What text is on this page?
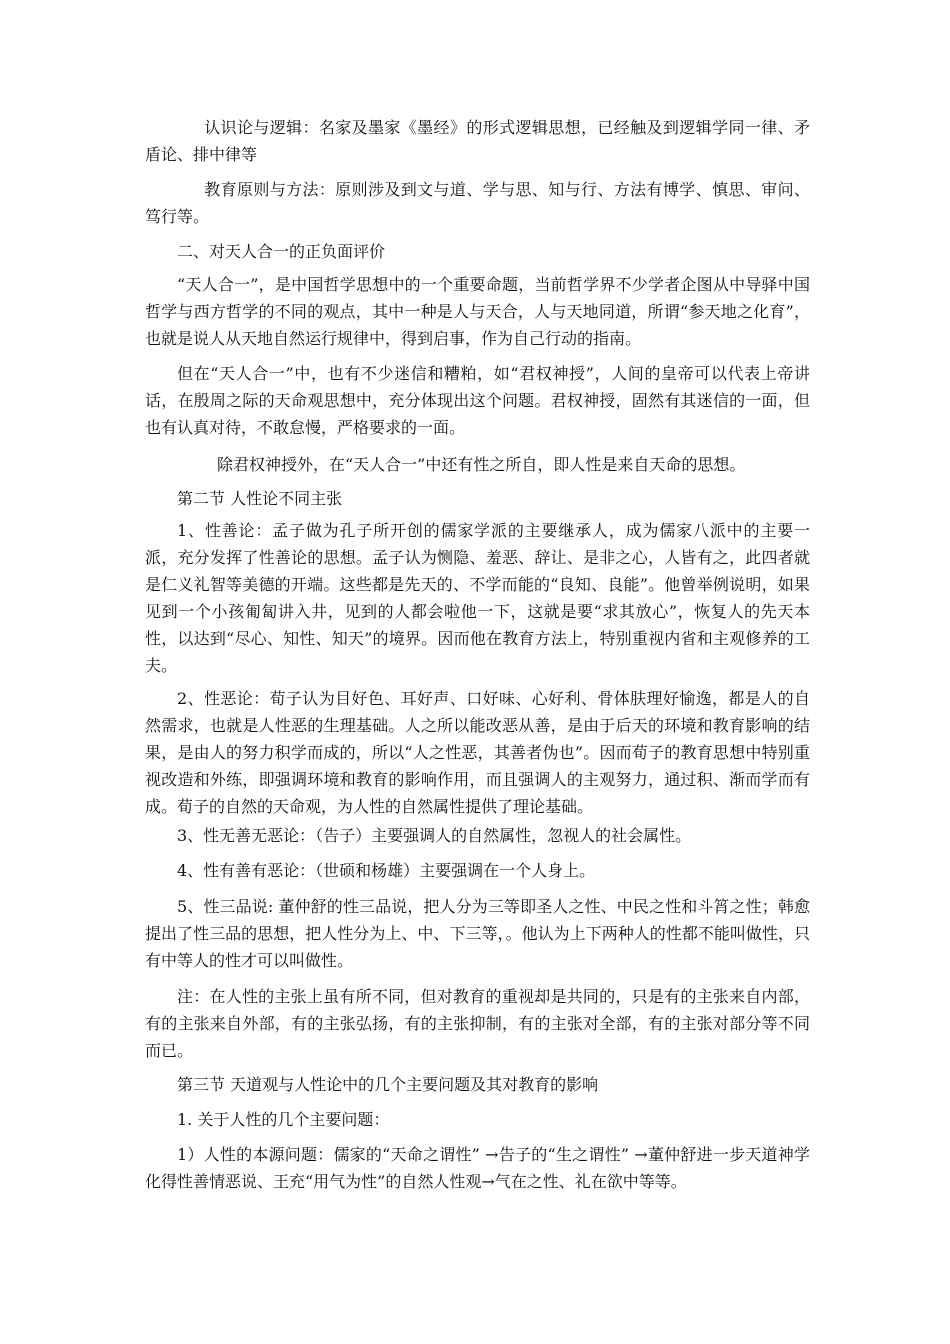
认识论与逻辑：名家及墨家《墨经》的形式逻辑思想，已经触及到逻辑学同一律、矛盾论、排中律等

教育原则与方法：原则涉及到文与道、学与思、知与行、方法有博学、慎思、审问、笃行等。

二、对天人合一的正负面评价

“天人合一”，是中国哲学思想中的一个重要命题，当前哲学界不少学者企图从中导驿中国哲学与西方哲学的不同的观点，其中一种是人与天合，人与天地同道，所谓“参天地之化育”，也就是说人从天地自然运行规律中，得到启事，作为自己行动的指南。

但在“天人合一”中，也有不少迷信和糟粕，如“君权神授”，人间的皇帝可以代表上帝讲话，在殷周之际的天命观思想中，充分体现出这个问题。君权神授，固然有其迷信的一面，但也有认真对待，不敢怠慢，严格要求的一面。

除君权神授外，在“天人合一”中还有性之所自，即人性是来自天命的思想。

第二节 人性论不同主张

1、性善论：孟子做为孔子所开创的儒家学派的主要继承人，成为儒家八派中的主要一派，充分发挥了性善论的思想。孟子认为恻隐、羞恶、辞让、是非之心，人皆有之，此四者就是仁义礼智等美德的开端。这些都是先天的、不学而能的“良知、良能”。他曾举例说明，如果见到一个小孩匍匐讲入井，见到的人都会啦他一下，这就是要“求其放心”，恢复人的先天本性，以达到“尽心、知性、知天”的境界。因而他在教育方法上，特别重视内省和主观修养的工夫。

2、性恶论：荀子认为目好色、耳好声、口好味、心好利、骨体肤理好愉逸，都是人的自然需求，也就是人性恶的生理基础。人之所以能改恶从善，是由于后天的环境和教育影响的结果，是由人的努力积学而成的，所以“人之性恶，其善者伪也”。因而荀子的教育思想中特别重视改造和外练，即强调环境和教育的影响作用，而且强调人的主观努力，通过积、渐而学而有成。荀子的自然的天命观，为人性的自然属性提供了理论基础。

3、性无善无恶论：（告子）主要强调人的自然属性，忽视人的社会属性。

4、性有善有恶论：（世硕和杨雄）主要强调在一个人身上。

5、性三品说: 董仲舒的性三品说，把人分为三等即圣人之性、中民之性和斗筲之性；韩愈提出了性三品的思想，把人性分为上、中、下三等，。他认为上下两种人的性都不能叫做性，只有中等人的性才可以叫做性。

注：在人性的主张上虽有所不同，但对教育的重视却是共同的，只是有的主张来自内部，有的主张来自外部，有的主张弘扬，有的主张抑制，有的主张对全部，有的主张对部分等不同而已。

第三节 天道观与人性论中的几个主要问题及其对教育的影响

1. 关于人性的几个主要问题：

1）人性的本源问题：儒家的“天命之谓性” →告子的“生之谓性” →董仲舒进一步天道神学化得性善情恶说、王充“用气为性”的自然人性观→气在之性、礼在欲中等等。
